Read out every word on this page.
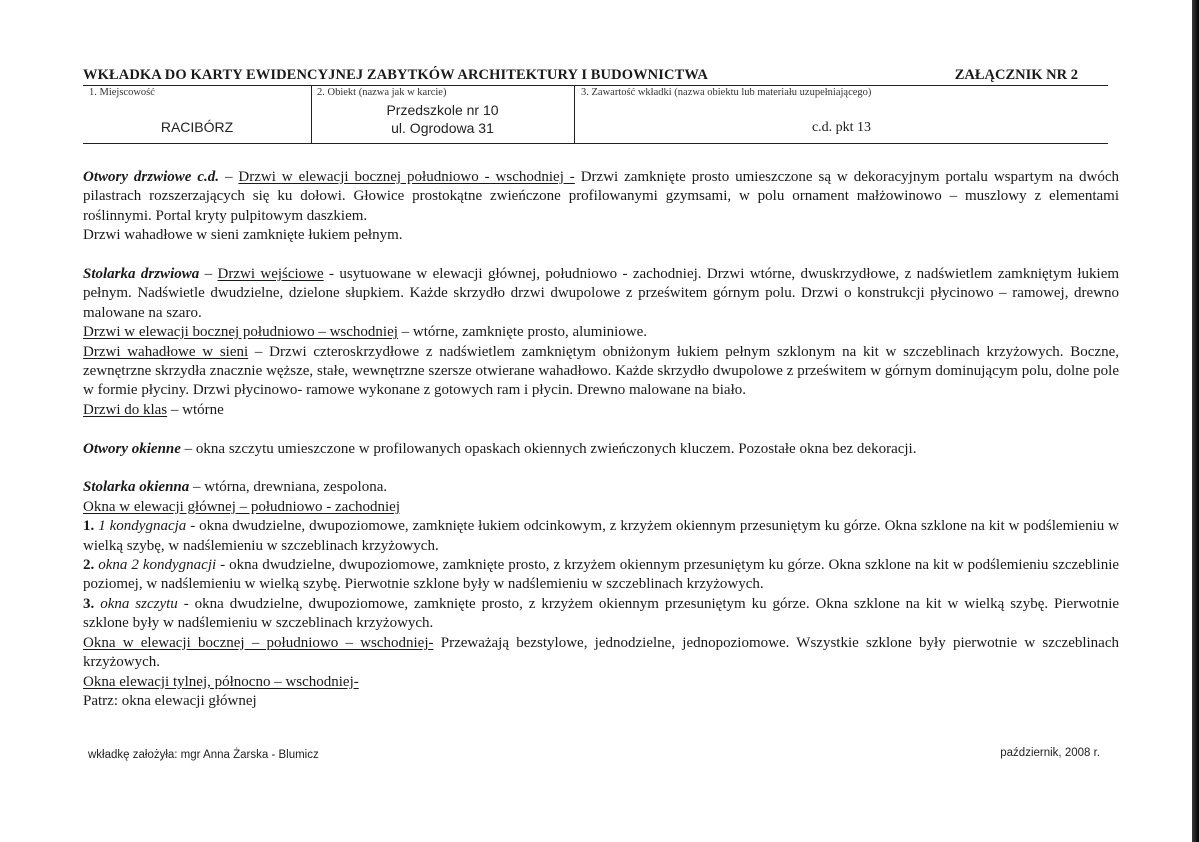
WKŁADKA DO KARTY EWIDENCYJNEJ ZABYTKÓW ARCHITEKTURY I BUDOWNICTWA	ZAŁĄCZNIK NR 2
1. Miejscowość
RACIBÓRZ
2. Obiekt (nazwa jak w karcie)
Przedszkole nr 10
ul. Ogrodowa 31
3. Zawartość wkładki (nazwa obiektu lub materiału uzupełniającego)
c.d. pkt 13

Otwory drzwiowe c.d. – Drzwi w elewacji bocznej południowo - wschodniej - Drzwi zamknięte prosto umieszczone są w dekoracyjnym portalu wspartym na dwóch pilastrach rozszerzających się ku dołowi. Głowice prostokątne zwieńczone profilowanymi gzymsami, w polu ornament małżowinowo – muszlowy z elementami roślinnymi. Portal kryty pulpitowym daszkiem.

Drzwi wahadłowe w sieni zamknięte łukiem pełnym.

Stolarka drzwiowa – Drzwi wejściowe - usytuowane w elewacji głównej, południowo - zachodniej. Drzwi wtórne, dwuskrzydłowe, z nadświetlem zamkniętym łukiem pełnym. Nadświetle dwudzielne, dzielone słupkiem. Każde skrzydło drzwi dwupolowe z prześwitem górnym polu. Drzwi o konstrukcji płycinowo – ramowej, drewno malowane na szaro.

Drzwi w elewacji bocznej południowo – wschodniej – wtórne, zamknięte prosto, aluminiowe.

Drzwi wahadłowe w sieni – Drzwi czteroskrzydłowe z nadświetlem zamkniętym obniżonym łukiem pełnym szklonym na kit w szczeblinach krzyżowych. Boczne, zewnętrzne skrzydła znacznie węższe, stałe, wewnętrzne szersze otwierane wahadłowo. Każde skrzydło dwupolowe z prześwitem w górnym dominującym polu, dolne pole w formie płyciny. Drzwi płycinowo- ramowe wykonane z gotowych ram i płycin. Drewno malowane na biało.

Drzwi do klas – wtórne

Otwory okienne – okna szczytu umieszczone w profilowanych opaskach okiennych zwieńczonych kluczem. Pozostałe okna bez dekoracji.

Stolarka okienna – wtórna, drewniana, zespolona.

Okna w elewacji głównej – południowo - zachodniej

1. 1 kondygnacja - okna dwudzielne, dwupoziomowe, zamknięte łukiem odcinkowym, z krzyżem okiennym przesuniętym ku górze. Okna szklone na kit w podślemieniu w wielką szybę, w nadślemieniu w szczeblinach krzyżowych.

2. okna 2 kondygnacji - okna dwudzielne, dwupoziomowe, zamknięte prosto, z krzyżem okiennym przesuniętym ku górze. Okna szklone na kit w podślemieniu szczeblinie poziomej, w nadślemieniu w wielką szybę. Pierwotnie szklone były w nadślemieniu w szczeblinach krzyżowych.

3. okna szczytu - okna dwudzielne, dwupoziomowe, zamknięte prosto, z krzyżem okiennym przesuniętym ku górze. Okna szklone na kit w wielką szybę. Pierwotnie szklone były w nadślemieniu w szczeblinach krzyżowych.

Okna w elewacji bocznej – południowo – wschodniej- Przeważają bezstylowe, jednodzielne, jednopoziomowe. Wszystkie szklone były pierwotnie w szczeblinach krzyżowych.

Okna elewacji tylnej, północno – wschodniej-

Patrz: okna elewacji głównej

wkładkę założyła: mgr Anna Żarska - Blumicz	październik, 2008 r.
